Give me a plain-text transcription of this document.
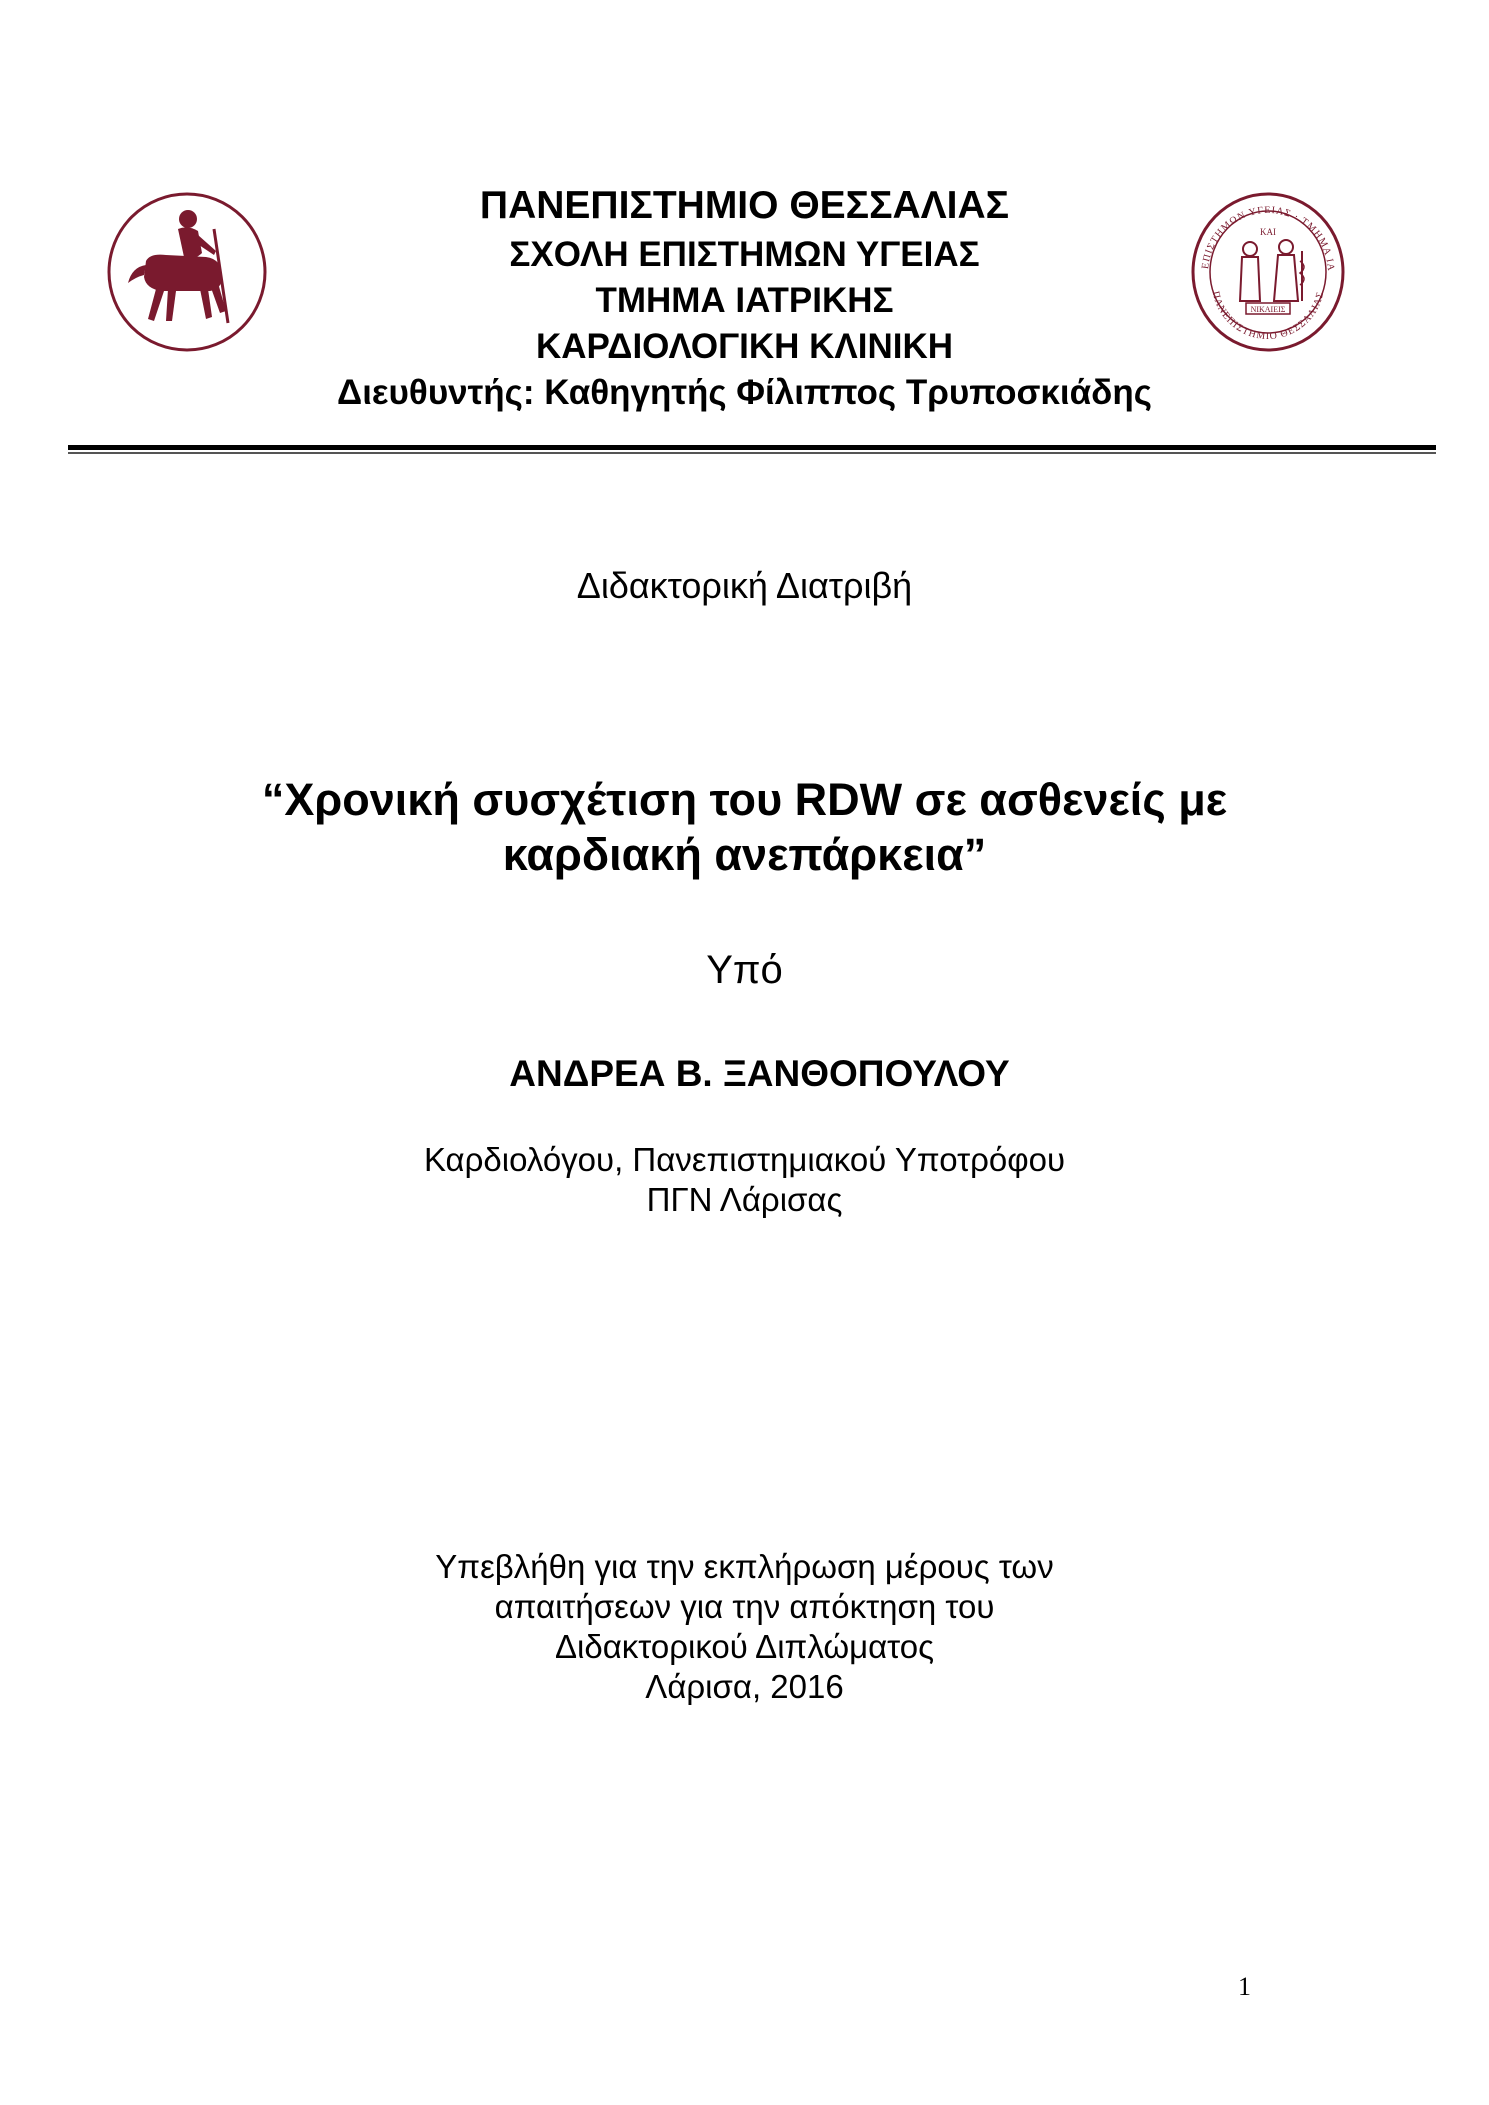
ΕΠΙΣΤΗΜΩΝ ΥΓΕΙΑΣ · ΤΜΗΜΑ ΙΑ
ΠΑΝΕΠΙΣΤΗΜΙΟ ΘΕΣΣΑΛΙΑΣ
ΚΑΙ
ΝΙΚΑΙΕΙΣ
ΠΑΝΕΠΙΣΤΗΜΙΟ ΘΕΣΣΑΛΙΑΣ
ΣΧΟΛΗ ΕΠΙΣΤΗΜΩΝ ΥΓΕΙΑΣ
ΤΜΗΜΑ ΙΑΤΡΙΚΗΣ
ΚΑΡΔΙΟΛΟΓΙΚΗ ΚΛΙΝΙΚΗ
Διευθυντής: Καθηγητής Φίλιππος Τρυποσκιάδης
Διδακτορική Διατριβή
“Χρονική συσχέτιση του RDW σε ασθενείς με
καρδιακή ανεπάρκεια”
Υπό
ΑΝΔΡΕΑ Β. ΞΑΝΘΟΠΟΥΛΟΥ
Καρδιολόγου, Πανεπιστημιακού Υποτρόφου
ΠΓΝ Λάρισας
Υπεβλήθη για την εκπλήρωση μέρους των
απαιτήσεων για την απόκτηση του
Διδακτορικού Διπλώματος
Λάρισα, 2016
1
